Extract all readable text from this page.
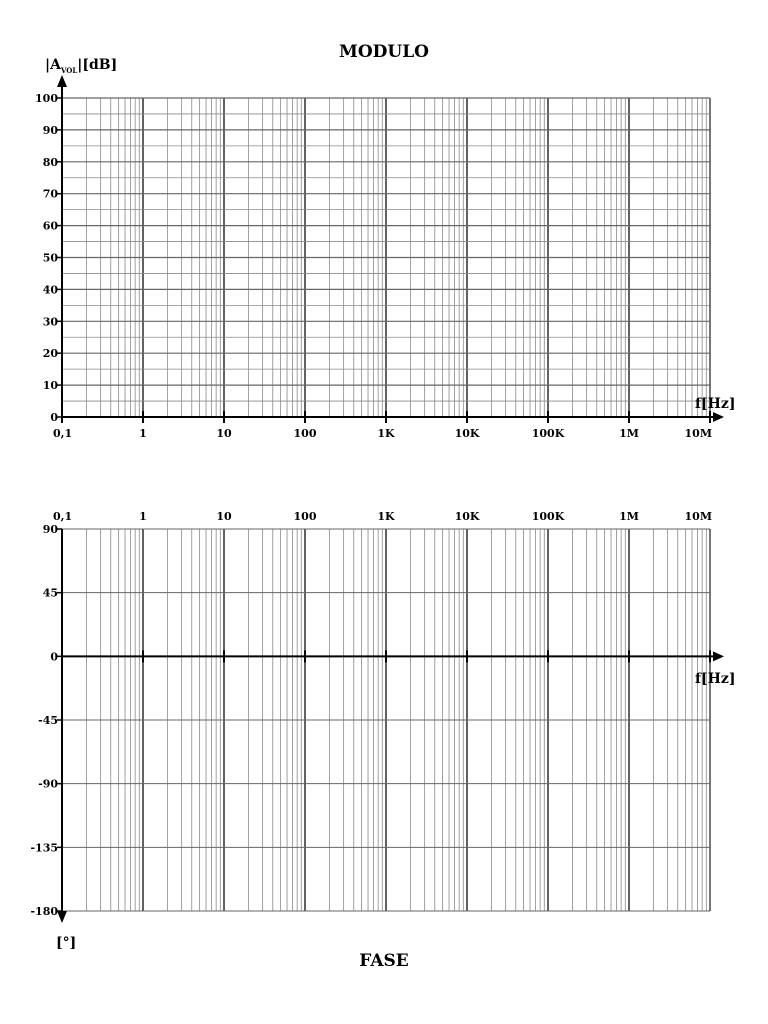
MODULO
$|A_{VOL}|[dB]$
0
10
20
30
40
50
60
70
80
90
100
0,1	1	10	100	1K	10K	100K	1M	10M
f[Hz]
90
45
0
-45
-90
-135
-180
0,1	1	10	100	1K	10K	100K	1M	10M
f[Hz]
[°]
FASE
